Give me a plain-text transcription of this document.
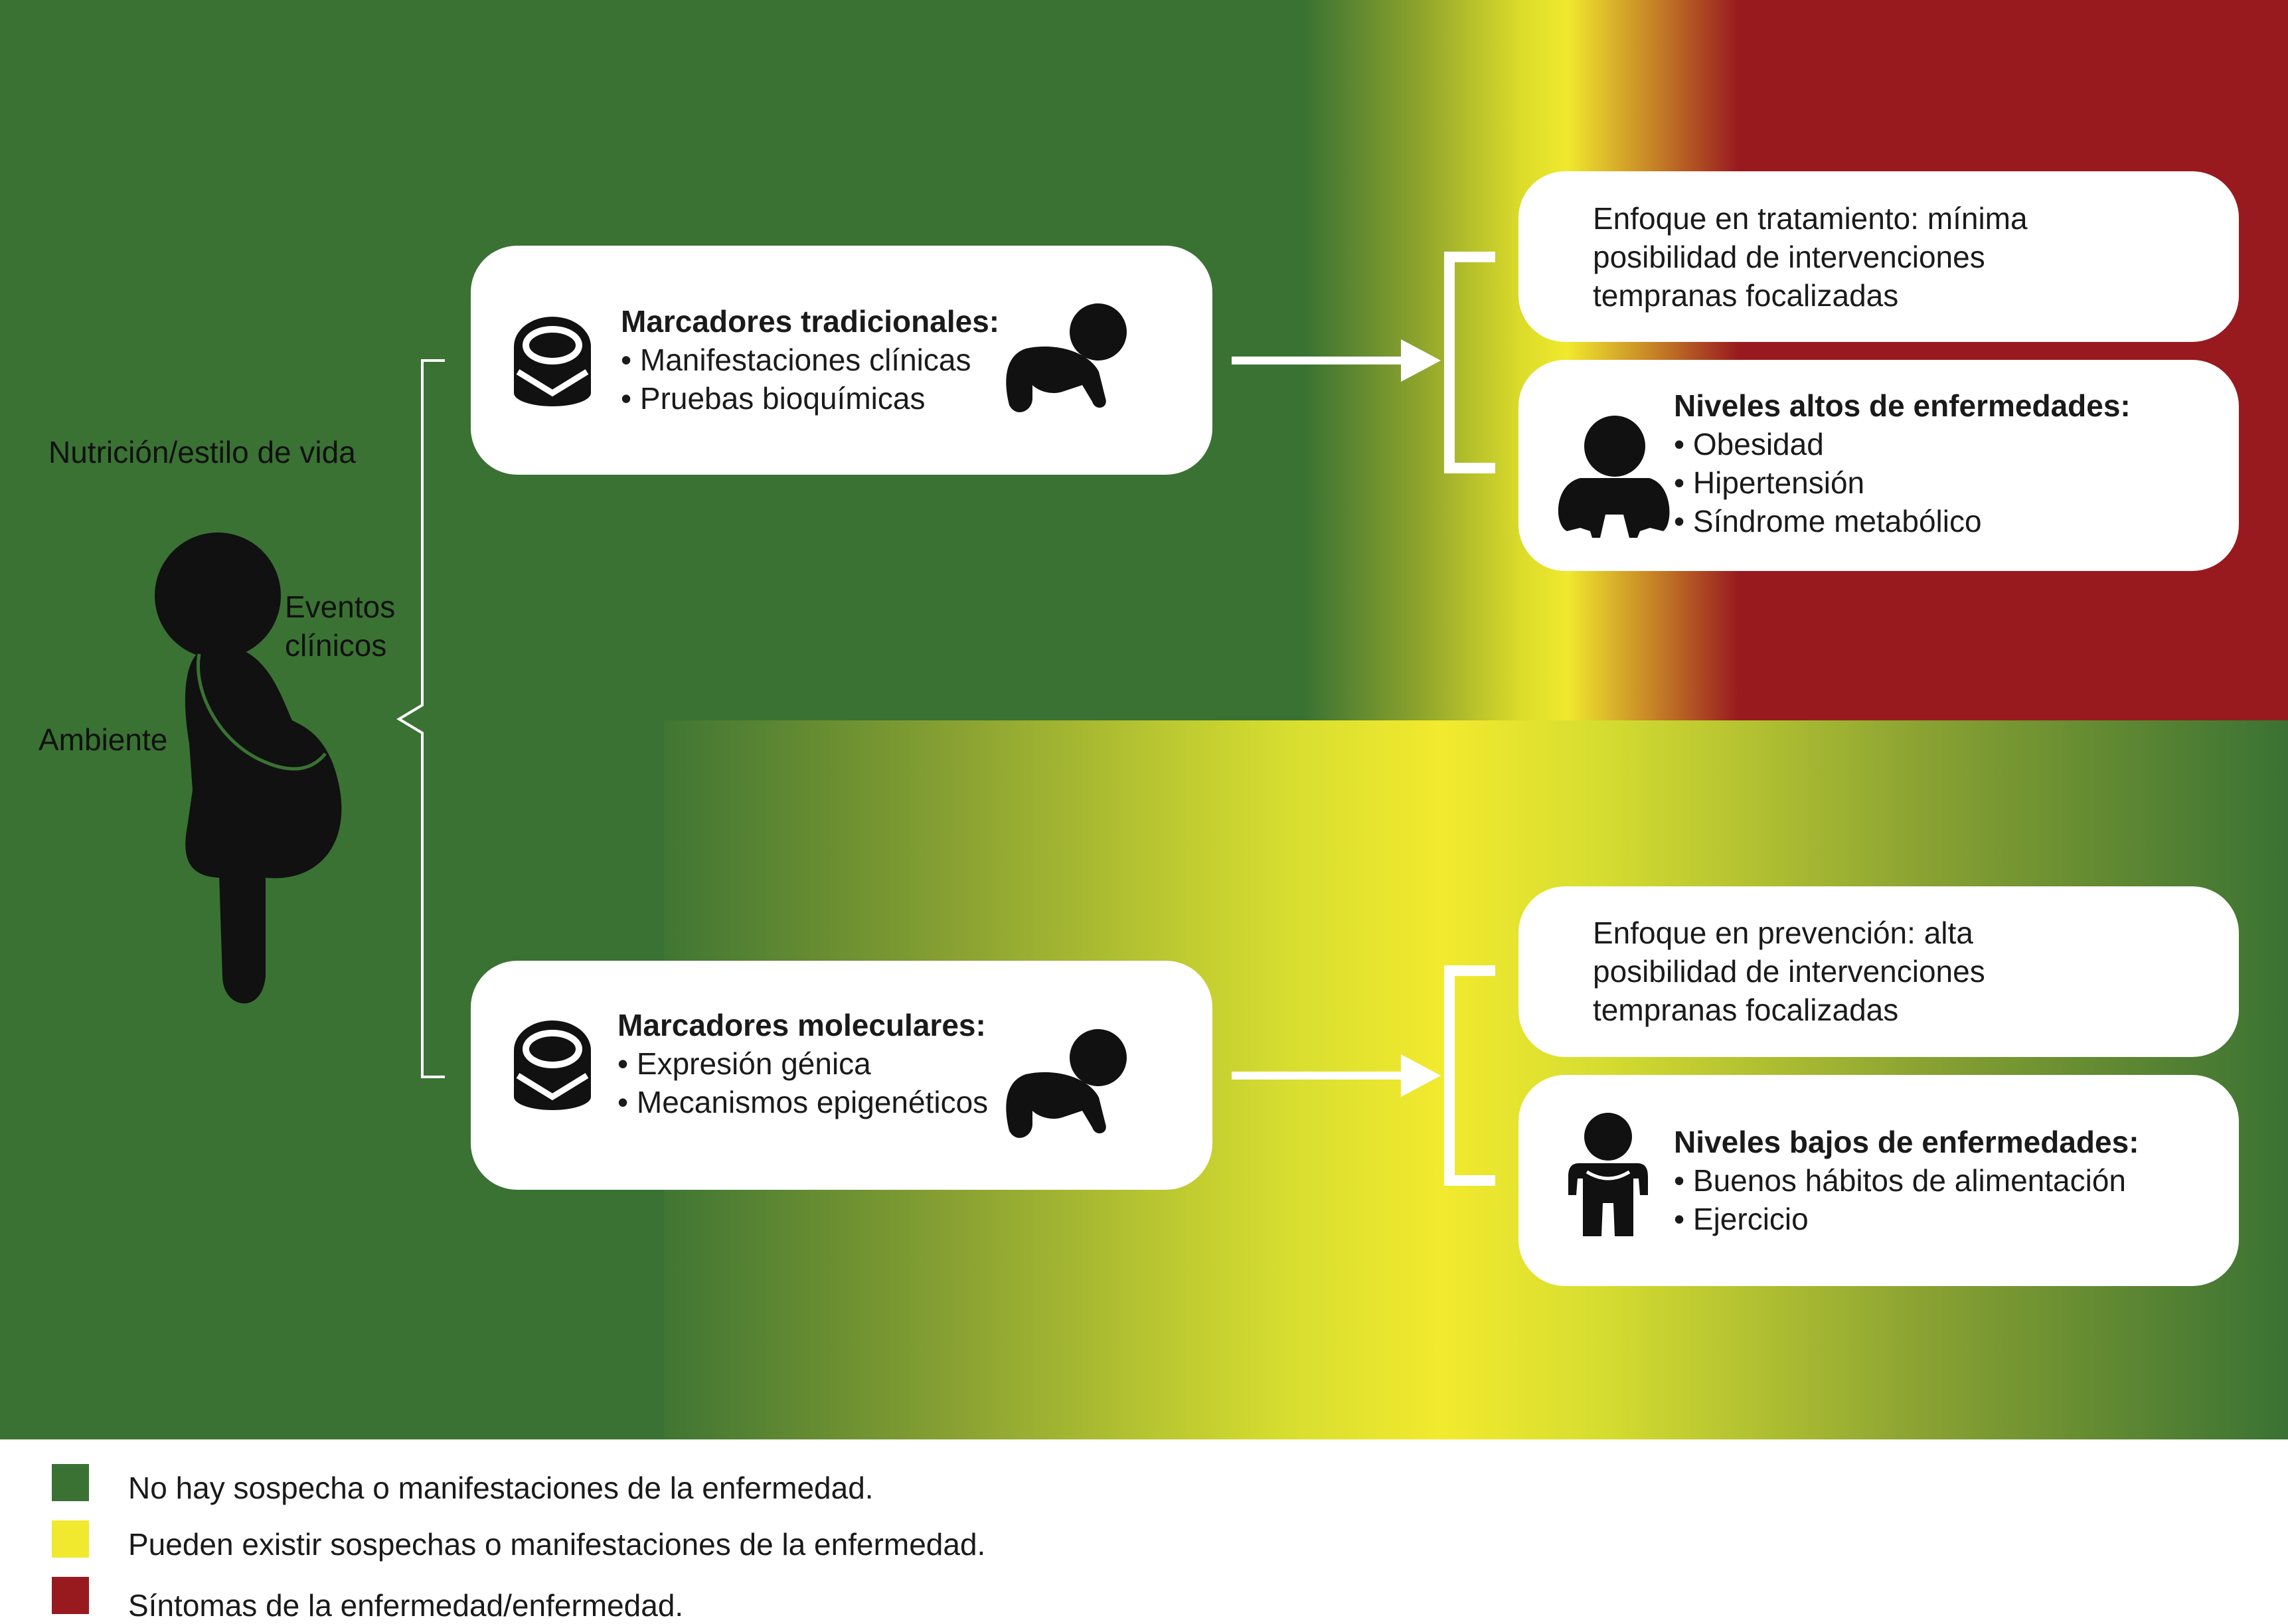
Nutrición/estilo de vida
Eventos
clínicos
Ambiente
Marcadores tradicionales:
• Manifestaciones clínicas
• Pruebas bioquímicas
Enfoque en tratamiento: mínima
posibilidad de intervenciones
tempranas focalizadas
Niveles altos de enfermedades:
• Obesidad
• Hipertensión
• Síndrome metabólico
Marcadores moleculares:
• Expresión génica
• Mecanismos epigenéticos
Enfoque en prevención: alta
posibilidad de intervenciones
tempranas focalizadas
Niveles bajos de enfermedades:
• Buenos hábitos de alimentación
• Ejercicio
No hay sospecha o manifestaciones de la enfermedad.
Pueden existir sospechas o manifestaciones de la enfermedad.
Síntomas de la enfermedad/enfermedad.
